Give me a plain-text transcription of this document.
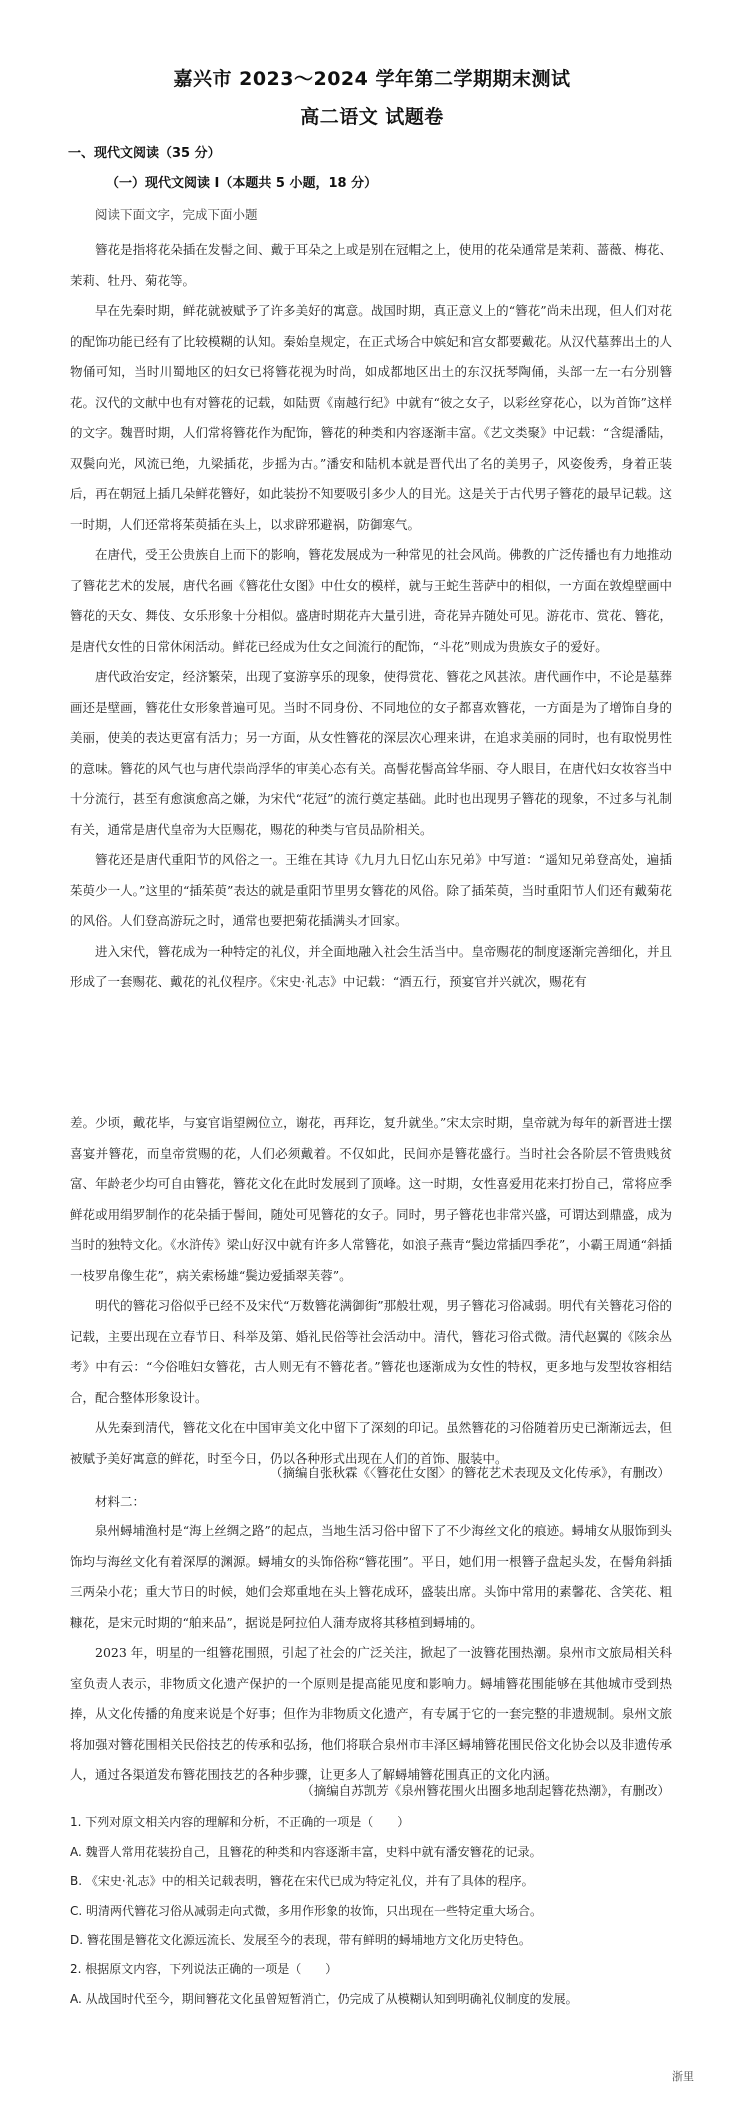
嘉兴市 2023～2024 学年第二学期期末测试
高二语文 试题卷
一、现代文阅读（35 分）
（一）现代文阅读 I（本题共 5 小题，18 分）
阅读下面文字，完成下面小题

簪花是指将花朵插在发髻之间、戴于耳朵之上或是别在冠帽之上，使用的花朵通常是茉莉、蔷薇、梅花、茉莉、牡丹、菊花等。

早在先秦时期，鲜花就被赋予了许多美好的寓意。战国时期，真正意义上的“簪花”尚未出现，但人们对花的配饰功能已经有了比较模糊的认知。秦始皇规定，在正式场合中嫔妃和宫女都要戴花。从汉代墓葬出土的人物俑可知，当时川蜀地区的妇女已将簪花视为时尚，如成都地区出土的东汉抚琴陶俑，头部一左一右分别簪花。汉代的文献中也有对簪花的记载，如陆贾《南越行纪》中就有“彼之女子，以彩丝穿花心，以为首饰”这样的文字。魏晋时期，人们常将簪花作为配饰，簪花的种类和内容逐渐丰富。《艺文类聚》中记载：“含缇潘陆，双鬓向光，风流已绝，九梁插花，步摇为古。”潘安和陆机本就是晋代出了名的美男子，风姿俊秀，身着正装后，再在朝冠上插几朵鲜花簪好，如此装扮不知要吸引多少人的目光。这是关于古代男子簪花的最早记载。这一时期，人们还常将茱萸插在头上，以求辟邪避祸，防御寒气。

在唐代，受王公贵族自上而下的影响，簪花发展成为一种常见的社会风尚。佛教的广泛传播也有力地推动了簪花艺术的发展，唐代名画《簪花仕女图》中仕女的模样，就与王蛇生菩萨中的相似，一方面在敦煌壁画中簪花的天女、舞伎、女乐形象十分相似。盛唐时期花卉大量引进，奇花异卉随处可见。游花市、赏花、簪花，是唐代女性的日常休闲活动。鲜花已经成为仕女之间流行的配饰，“斗花”则成为贵族女子的爱好。

唐代政治安定，经济繁荣，出现了宴游享乐的现象，使得赏花、簪花之风甚浓。唐代画作中，不论是墓葬画还是壁画，簪花仕女形象普遍可见。当时不同身份、不同地位的女子都喜欢簪花，一方面是为了增饰自身的美丽，使美的表达更富有活力；另一方面，从女性簪花的深层次心理来讲，在追求美丽的同时，也有取悦男性的意味。簪花的风气也与唐代崇尚浮华的审美心态有关。高髻花髻高耸华丽、夺人眼目，在唐代妇女妆容当中十分流行，甚至有愈演愈高之嫌，为宋代“花冠”的流行奠定基础。此时也出现男子簪花的现象，不过多与礼制有关，通常是唐代皇帝为大臣赐花，赐花的种类与官员品阶相关。

簪花还是唐代重阳节的风俗之一。王维在其诗《九月九日忆山东兄弟》中写道：“遥知兄弟登高处，遍插茱萸少一人。”这里的“插茱萸”表达的就是重阳节里男女簪花的风俗。除了插茱萸，当时重阳节人们还有戴菊花的风俗。人们登高游玩之时，通常也要把菊花插满头才回家。

进入宋代，簪花成为一种特定的礼仪，并全面地融入社会生活当中。皇帝赐花的制度逐渐完善细化，并且形成了一套赐花、戴花的礼仪程序。《宋史·礼志》中记载：“酒五行，预宴官并兴就次，赐花有

差。少顷，戴花毕，与宴官诣望阙位立，谢花，再拜讫，复升就坐。”宋太宗时期，皇帝就为每年的新晋进士摆喜宴并簪花，而皇帝赏赐的花，人们必须戴着。不仅如此，民间亦是簪花盛行。当时社会各阶层不管贵贱贫富、年龄老少均可自由簪花，簪花文化在此时发展到了顶峰。这一时期，女性喜爱用花来打扮自己，常将应季鲜花或用绢罗制作的花朵插于髻间，随处可见簪花的女子。同时，男子簪花也非常兴盛，可谓达到鼎盛，成为当时的独特文化。《水浒传》梁山好汉中就有许多人常簪花，如浪子燕青“鬓边常插四季花”，小霸王周通“斜插一枝罗帛像生花”，病关索杨雄“鬓边爱插翠芙蓉”。

明代的簪花习俗似乎已经不及宋代“万数簪花满御街”那般壮观，男子簪花习俗减弱。明代有关簪花习俗的记载，主要出现在立春节日、科举及第、婚礼民俗等社会活动中。清代，簪花习俗式微。清代赵翼的《陔余丛考》中有云：“今俗唯妇女簪花，古人则无有不簪花者。”簪花也逐渐成为女性的特权，更多地与发型妆容相结合，配合整体形象设计。

从先秦到清代，簪花文化在中国审美文化中留下了深刻的印记。虽然簪花的习俗随着历史已渐渐远去，但被赋予美好寓意的鲜花，时至今日，仍以各种形式出现在人们的首饰、服装中。

（摘编自张秋霖《〈簪花仕女图〉的簪花艺术表现及文化传承》，有删改）
材料二：

泉州蟳埔渔村是“海上丝绸之路”的起点，当地生活习俗中留下了不少海丝文化的痕迹。蟳埔女从服饰到头饰均与海丝文化有着深厚的渊源。蟳埔女的头饰俗称“簪花围”。平日，她们用一根簪子盘起头发，在髻角斜插三两朵小花；重大节日的时候，她们会郑重地在头上簪花成环，盛装出席。头饰中常用的素馨花、含笑花、粗糠花，是宋元时期的“舶来品”，据说是阿拉伯人蒲寿宬将其移植到蟳埔的。

2023 年，明星的一组簪花围照，引起了社会的广泛关注，掀起了一波簪花围热潮。泉州市文旅局相关科室负责人表示，非物质文化遗产保护的一个原则是提高能见度和影响力。蟳埔簪花围能够在其他城市受到热捧，从文化传播的角度来说是个好事；但作为非物质文化遗产，有专属于它的一套完整的非遗规制。泉州文旅将加强对簪花围相关民俗技艺的传承和弘扬，他们将联合泉州市丰泽区蟳埔簪花围民俗文化协会以及非遗传承人，通过各渠道发布簪花围技艺的各种步骤，让更多人了解蟳埔簪花围真正的文化内涵。

（摘编自苏凯芳《泉州簪花围火出圈多地刮起簪花热潮》，有删改）
1. 下列对原文相关内容的理解和分析，不正确的一项是（　　）
A. 魏晋人常用花装扮自己，且簪花的种类和内容逐渐丰富，史料中就有潘安簪花的记录。
B. 《宋史·礼志》中的相关记载表明，簪花在宋代已成为特定礼仪，并有了具体的程序。
C. 明清两代簪花习俗从减弱走向式微，多用作形象的妆饰，只出现在一些特定重大场合。
D. 簪花围是簪花文化源远流长、发展至今的表现，带有鲜明的蟳埔地方文化历史特色。
2. 根据原文内容，下列说法正确的一项是（　　）
A. 从战国时代至今，期间簪花文化虽曾短暂消亡，仍完成了从模糊认知到明确礼仪制度的发展。
浙里
